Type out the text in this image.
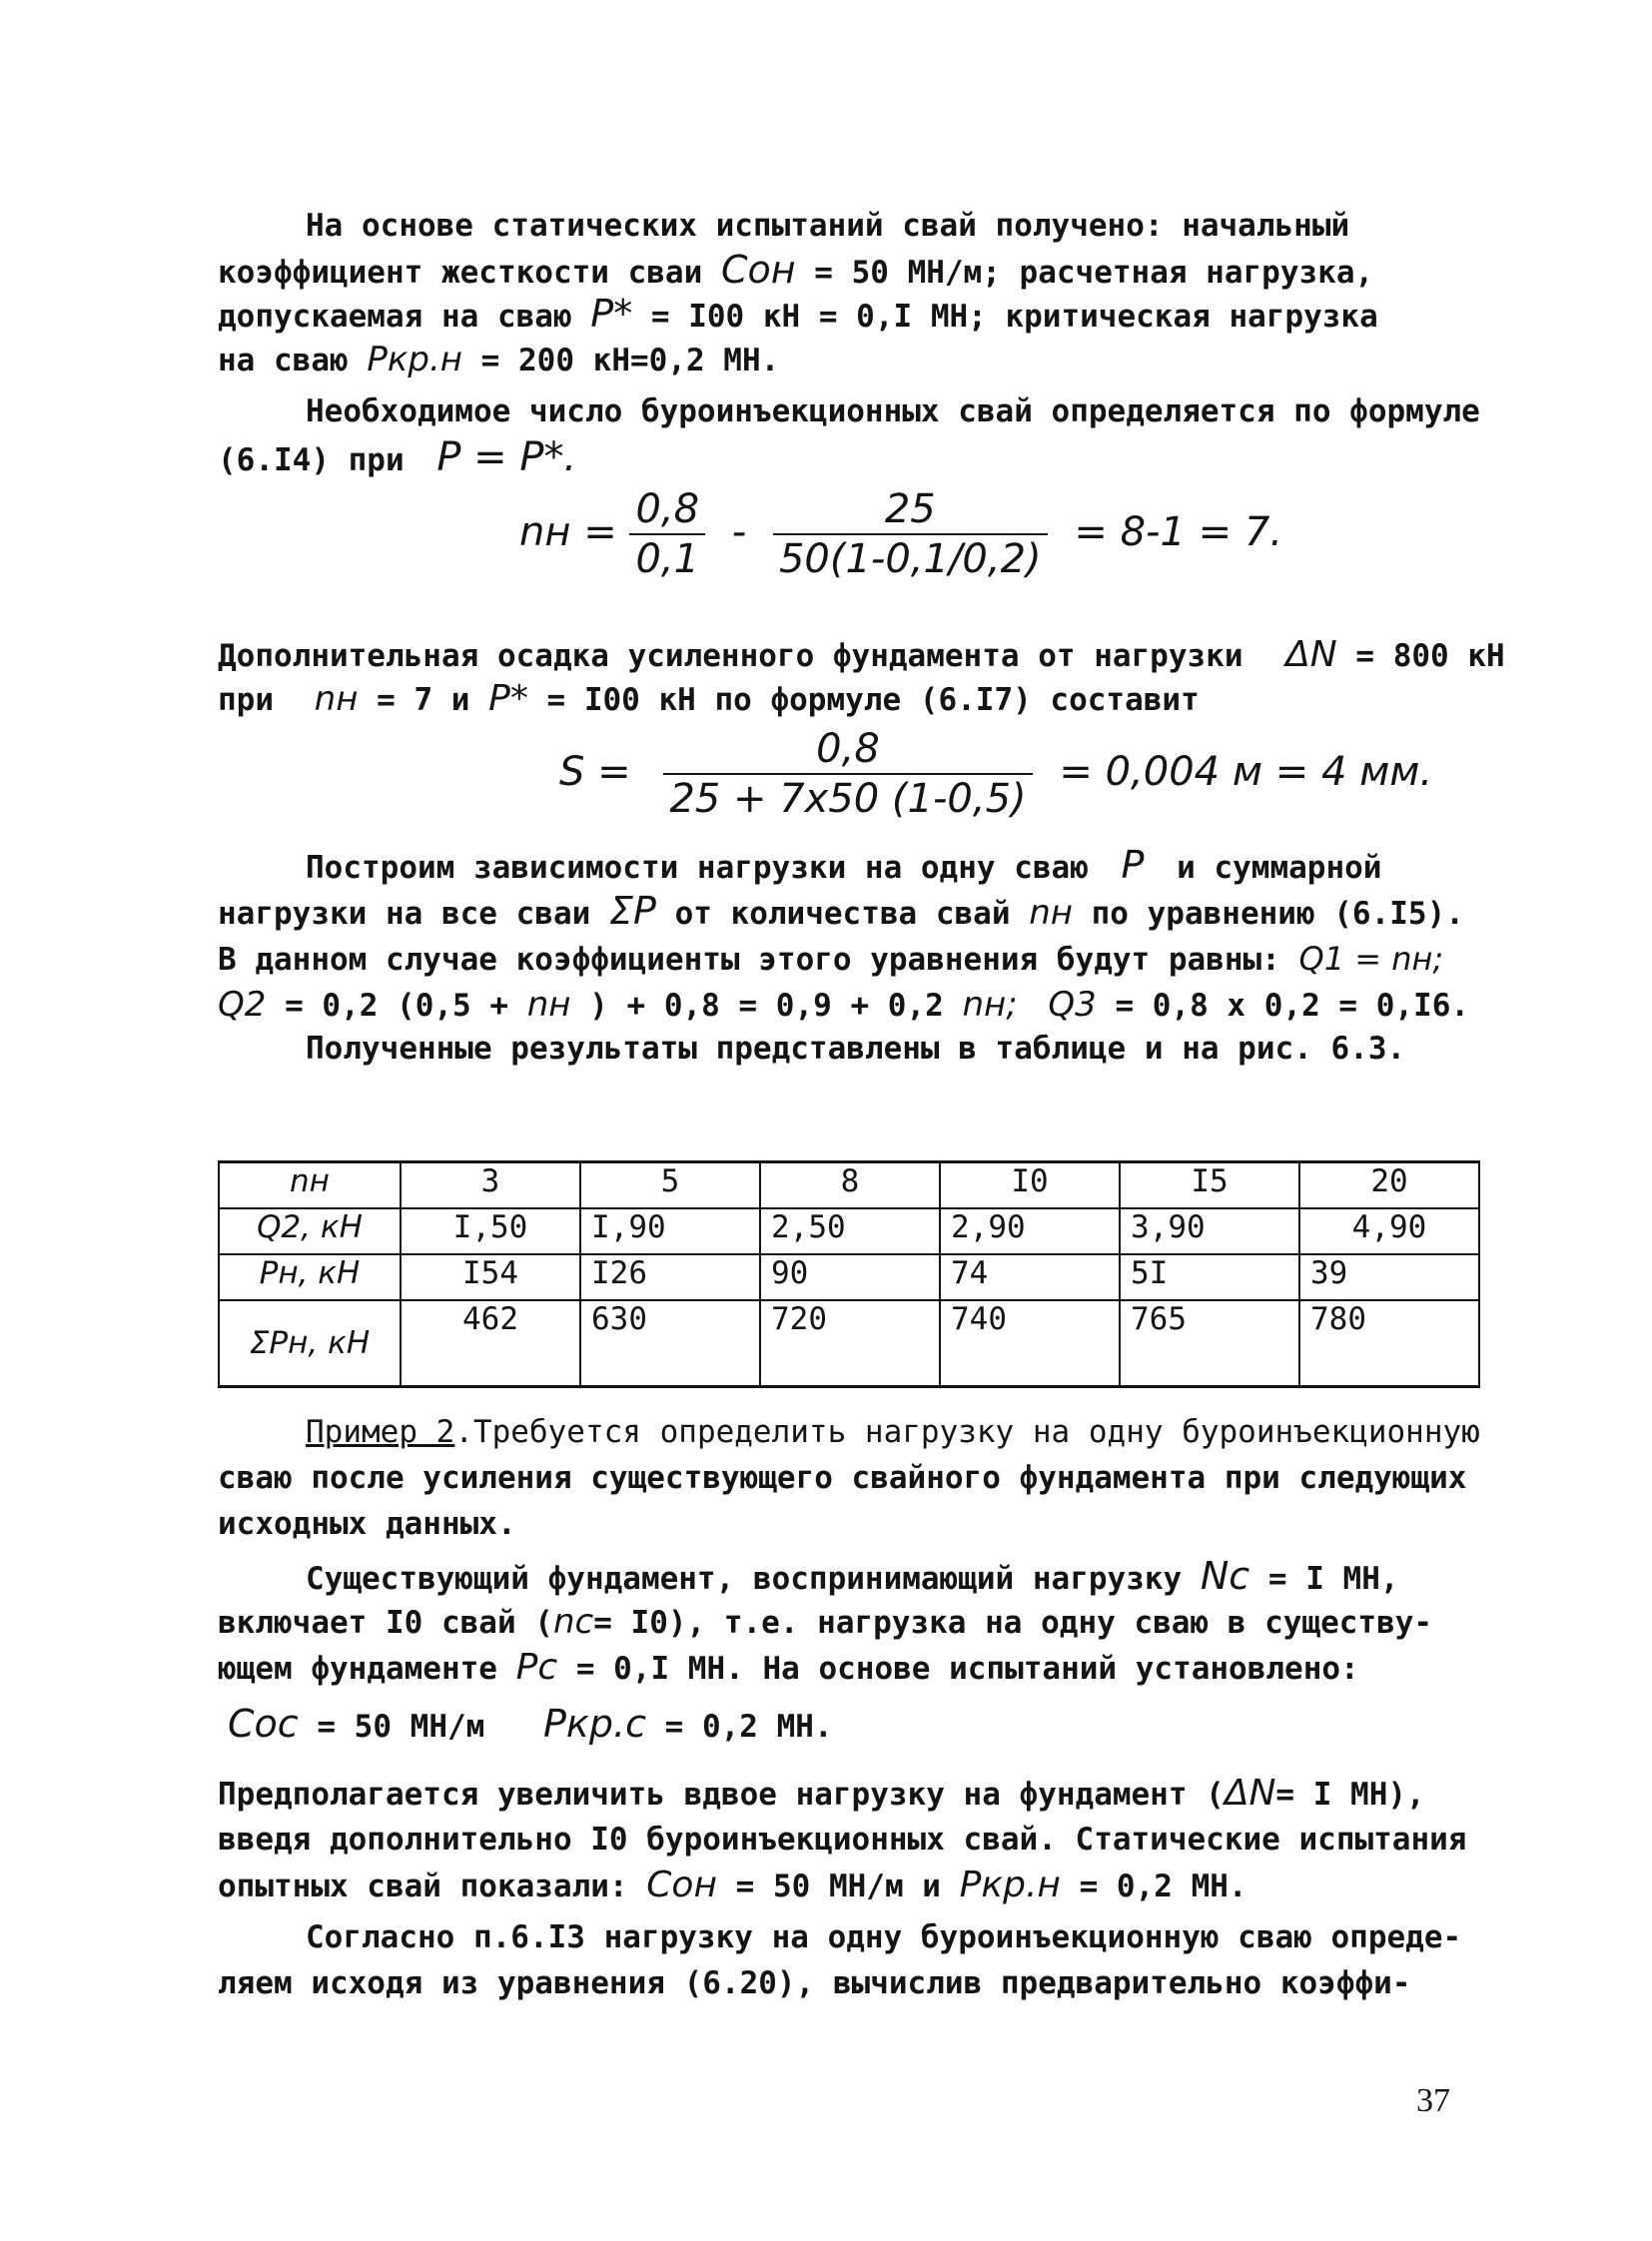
На основе статических испытаний свай получено: начальный
коэффициент жесткости сваи Cон = 50 МН/м; расчетная нагрузка,
допускаемая на сваю P* = I00 кН = 0,I МН; критическая нагрузка
на сваю Pкр.н = 200 кН=0,2 МН.
Необходимое число буроинъекционных свай определяется по формуле
(6.I4) при P = P*.
nн = $\frac{0,8}{0,1} - \frac{25}{50(1-0,1/0,2)} = 8-1 = 7$.
Дополнительная осадка усиленного фундамента от нагрузки ΔN = 800 кН
при nн = 7 и P* = I00 кН по формуле (6.I7) составит
$S = \frac{0,8}{25 + 7x50 (1-0,5)} = 0,004$ м = 4 мм.
Построим зависимости нагрузки на одну сваю P и суммарной
нагрузки на все сваи ΣP от количества свай nн по уравнению (6.I5).
В данном случае коэффициенты этого уравнения будут равны: Q1 = nн;
Q2 = 0,2 (0,5 + nн ) + 0,8 = 0,9 + 0,2 nн; Q3 = 0,8 x 0,2 = 0,I6.
Полученные результаты представлены в таблице и на рис. 6.3.
nн	3	5	8	I0	I5	20
Q2, кН	I,50	I,90	2,50	2,90	3,90	4,90
Pн, кН	I54	I26	90	74	5I	39
ΣPн, кН	462	630	720	740	765	780
Пример 2.Требуется определить нагрузку на одну буроинъекционную
сваю после усиления существующего свайного фундамента при следующих
исходных данных.
Существующий фундамент, воспринимающий нагрузку Nс = I МН,
включает I0 свай (nс= I0), т.е. нагрузка на одну сваю в существу-
ющем фундаменте Pс = 0,I МН. На основе испытаний установлено:
Cос = 50 МН/м Pкр.с = 0,2 МН.
Предполагается увеличить вдвое нагрузку на фундамент (ΔN= I МН),
введя дополнительно I0 буроинъекционных свай. Статические испытания
опытных свай показали: Cон = 50 МН/м и Pкр.н = 0,2 МН.
Согласно п.6.I3 нагрузку на одну буроинъекционную сваю опреде-
ляем исходя из уравнения (6.20), вычислив предварительно коэффи-
37
